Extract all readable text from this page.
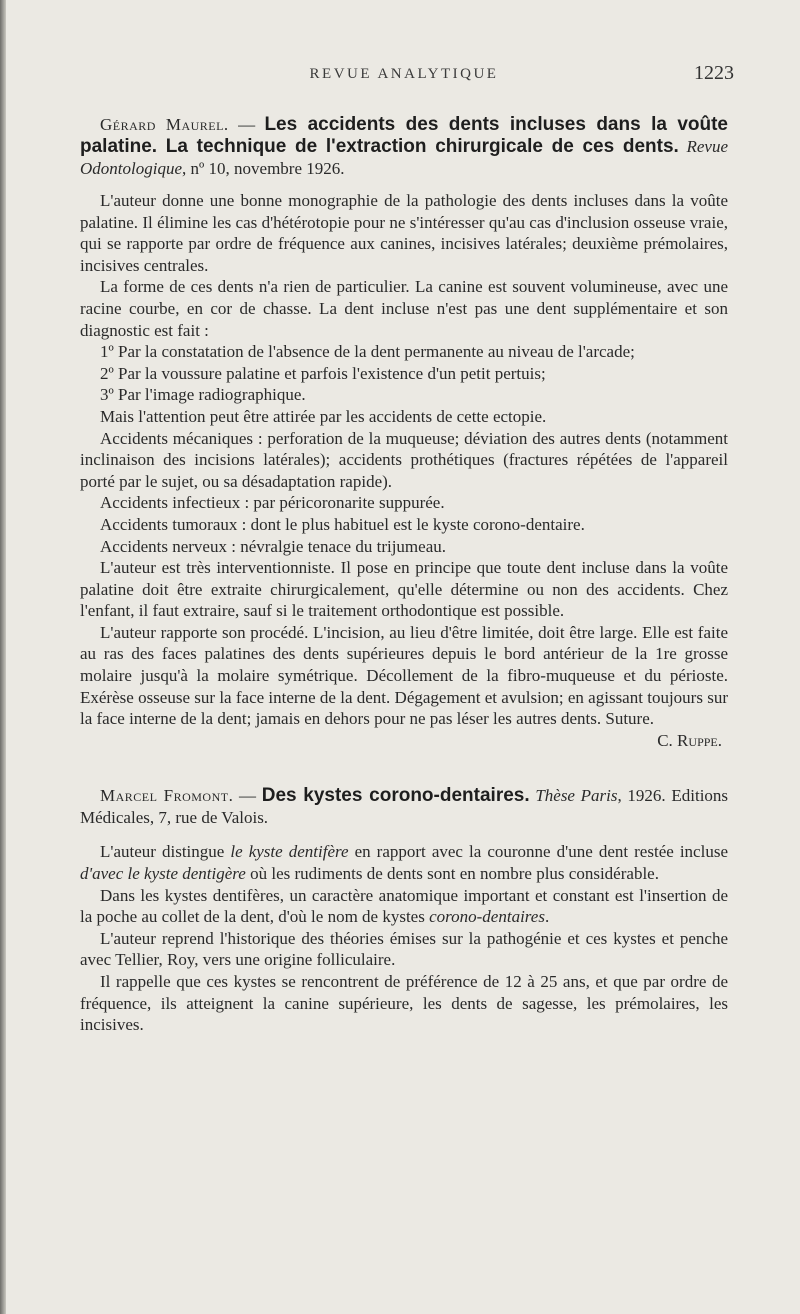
REVUE ANALYTIQUE	1223
Gérard Maurel. — Les accidents des dents incluses dans la voûte palatine. La technique de l'extraction chirurgicale de ces dents. Revue Odontologique, nº 10, novembre 1926.

L'auteur donne une bonne monographie de la pathologie des dents incluses dans la voûte palatine. Il élimine les cas d'hétérotopie pour ne s'intéresser qu'au cas d'inclusion osseuse vraie, qui se rapporte par ordre de fréquence aux canines, incisives latérales; deuxième prémolaires, incisives centrales.

La forme de ces dents n'a rien de particulier. La canine est souvent volumineuse, avec une racine courbe, en cor de chasse. La dent incluse n'est pas une dent supplémentaire et son diagnostic est fait :

1º Par la constatation de l'absence de la dent permanente au niveau de l'arcade;

2º Par la voussure palatine et parfois l'existence d'un petit pertuis;

3º Par l'image radiographique.

Mais l'attention peut être attirée par les accidents de cette ectopie.

Accidents mécaniques : perforation de la muqueuse; déviation des autres dents (notamment inclinaison des incisions latérales); accidents prothétiques (fractures répétées de l'appareil porté par le sujet, ou sa désadaptation rapide).

Accidents infectieux : par péricoronarite suppurée.

Accidents tumoraux : dont le plus habituel est le kyste corono-dentaire.

Accidents nerveux : névralgie tenace du trijumeau.

L'auteur est très interventionniste. Il pose en principe que toute dent incluse dans la voûte palatine doit être extraite chirurgicalement, qu'elle détermine ou non des accidents. Chez l'enfant, il faut extraire, sauf si le traitement orthodontique est possible.

L'auteur rapporte son procédé. L'incision, au lieu d'être limitée, doit être large. Elle est faite au ras des faces palatines des dents supérieures depuis le bord antérieur de la 1re grosse molaire jusqu'à la molaire symétrique. Décollement de la fibro-muqueuse et du périoste. Exérèse osseuse sur la face interne de la dent. Dégagement et avulsion; en agissant toujours sur la face interne de la dent; jamais en dehors pour ne pas léser les autres dents. Suture.

C. Ruppe.
Marcel Fromont. — Des kystes corono-dentaires. Thèse Paris, 1926. Editions Médicales, 7, rue de Valois.

L'auteur distingue le kyste dentifère en rapport avec la couronne d'une dent restée incluse d'avec le kyste dentigère où les rudiments de dents sont en nombre plus considérable.

Dans les kystes dentifères, un caractère anatomique important et constant est l'insertion de la poche au collet de la dent, d'où le nom de kystes corono-dentaires.

L'auteur reprend l'historique des théories émises sur la pathogénie et ces kystes et penche avec Tellier, Roy, vers une origine folliculaire.

Il rappelle que ces kystes se rencontrent de préférence de 12 à 25 ans, et que par ordre de fréquence, ils atteignent la canine supérieure, les dents de sagesse, les prémolaires, les incisives.
